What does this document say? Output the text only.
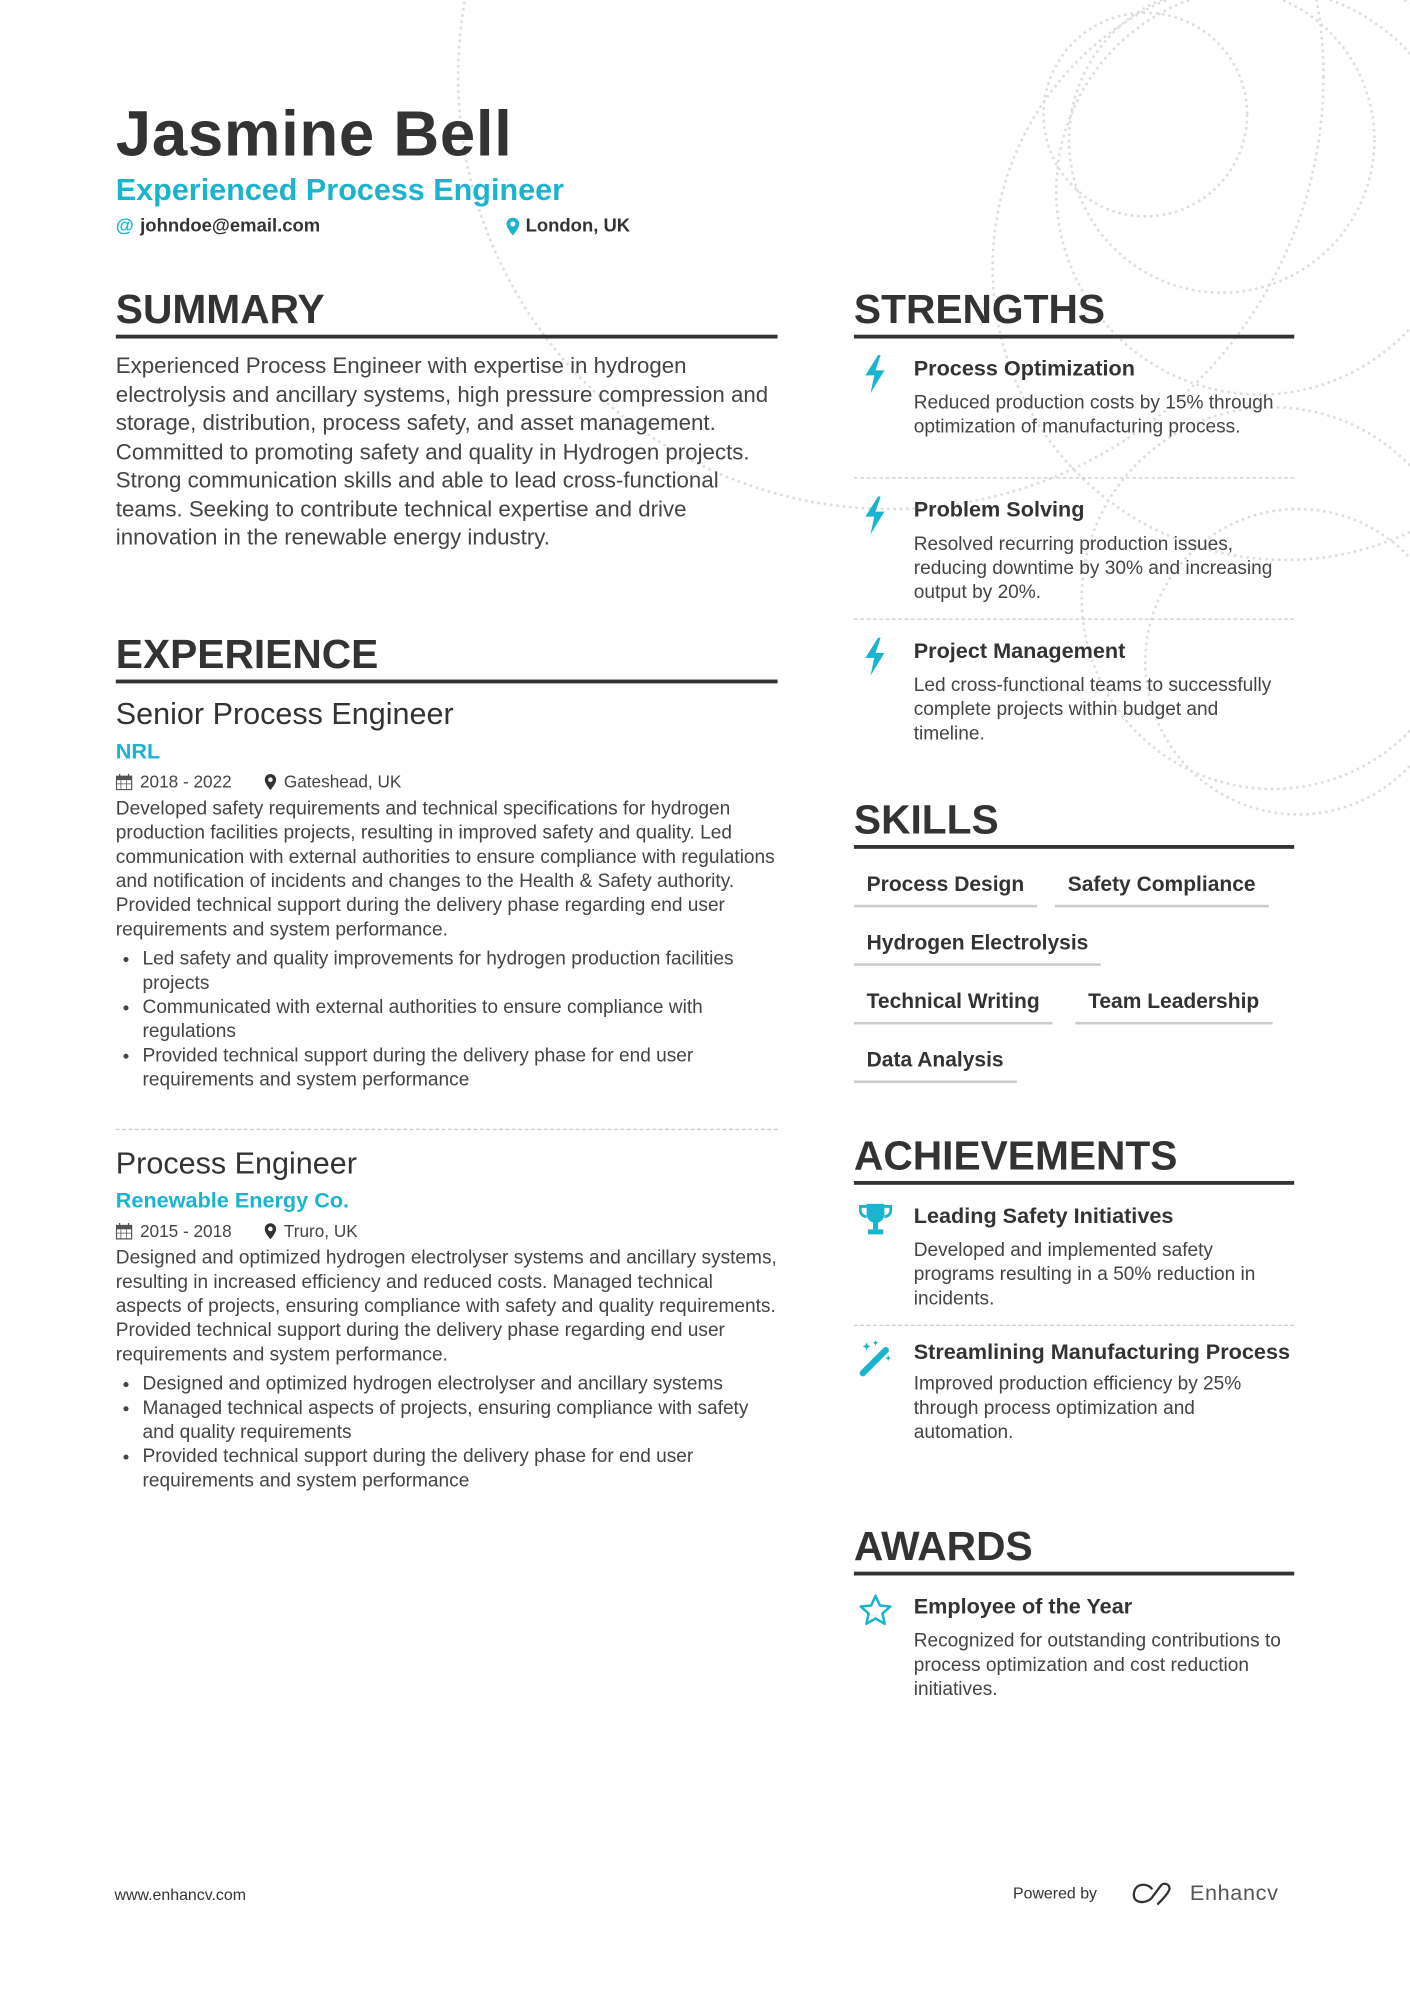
Jasmine Bell
Experienced Process Engineer
@ johndoe@email.com	London, UK
SUMMARY
Experienced Process Engineer with expertise in hydrogen electrolysis and ancillary systems, high pressure compression and storage, distribution, process safety, and asset management. Committed to promoting safety and quality in Hydrogen projects. Strong communication skills and able to lead cross-functional teams. Seeking to contribute technical expertise and drive innovation in the renewable energy industry.
EXPERIENCE
Senior Process Engineer
NRL
2018 - 2022	Gateshead, UK
Developed safety requirements and technical specifications for hydrogen production facilities projects, resulting in improved safety and quality. Led communication with external authorities to ensure compliance with regulations and notification of incidents and changes to the Health & Safety authority. Provided technical support during the delivery phase regarding end user requirements and system performance.
• Led safety and quality improvements for hydrogen production facilities projects
• Communicated with external authorities to ensure compliance with regulations
• Provided technical support during the delivery phase for end user requirements and system performance
Process Engineer
Renewable Energy Co.
2015 - 2018	Truro, UK
Designed and optimized hydrogen electrolyser systems and ancillary systems, resulting in increased efficiency and reduced costs. Managed technical aspects of projects, ensuring compliance with safety and quality requirements. Provided technical support during the delivery phase regarding end user requirements and system performance.
• Designed and optimized hydrogen electrolyser and ancillary systems
• Managed technical aspects of projects, ensuring compliance with safety and quality requirements
• Provided technical support during the delivery phase for end user requirements and system performance
STRENGTHS
Process Optimization
Reduced production costs by 15% through optimization of manufacturing process.
Problem Solving
Resolved recurring production issues, reducing downtime by 30% and increasing output by 20%.
Project Management
Led cross-functional teams to successfully complete projects within budget and timeline.
SKILLS
Process Design	Safety Compliance
Hydrogen Electrolysis
Technical Writing	Team Leadership
Data Analysis
ACHIEVEMENTS
Leading Safety Initiatives
Developed and implemented safety programs resulting in a 50% reduction in incidents.
Streamlining Manufacturing Process
Improved production efficiency by 25% through process optimization and automation.
AWARDS
Employee of the Year
Recognized for outstanding contributions to process optimization and cost reduction initiatives.
www.enhancv.com	Powered by	Enhancv
